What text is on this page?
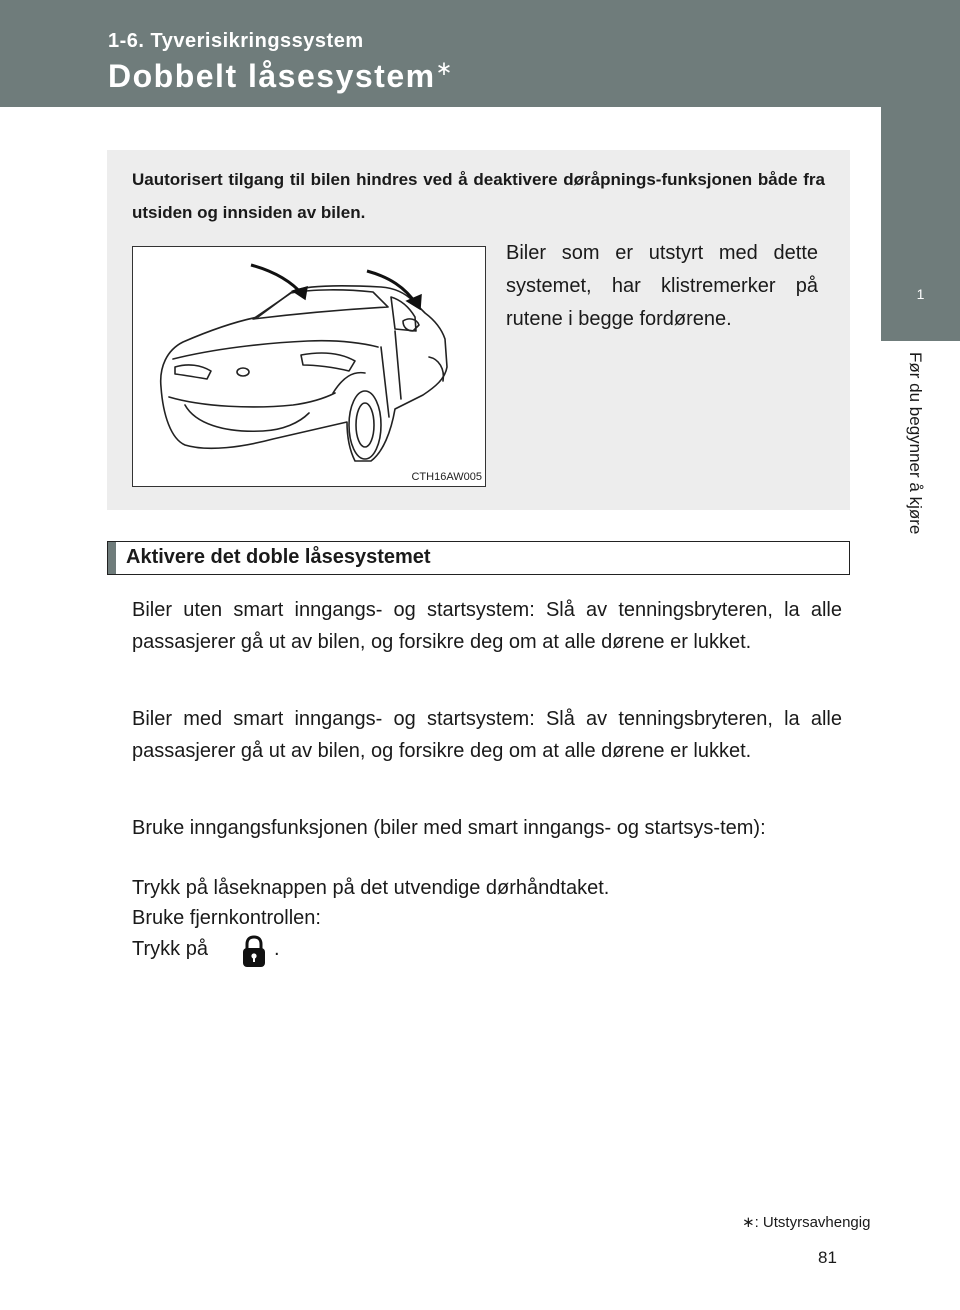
1-6. Tyverisikringssystem
Dobbelt låsesystem∗
1
Før du begynner å kjøre
Uautorisert tilgang til bilen hindres ved å deaktivere døråpnings-funksjonen både fra utsiden og innsiden av bilen.
CTH16AW005
Biler som er utstyrt med dette systemet, har klistremerker på rutene i begge fordørene.
Aktivere det doble låsesystemet
Biler uten smart inngangs- og startsystem: Slå av tenningsbryteren, la alle passasjerer gå ut av bilen, og forsikre deg om at alle dørene er lukket.
Biler med smart inngangs- og startsystem: Slå av tenningsbryteren, la alle passasjerer gå ut av bilen, og forsikre deg om at alle dørene er lukket.
Bruke inngangsfunksjonen (biler med smart inngangs- og startsys-tem):
Trykk på låseknappen på det utvendige dørhåndtaket.
Bruke fjernkontrollen:
Trykk på	.
∗: Utstyrsavhengig
81
